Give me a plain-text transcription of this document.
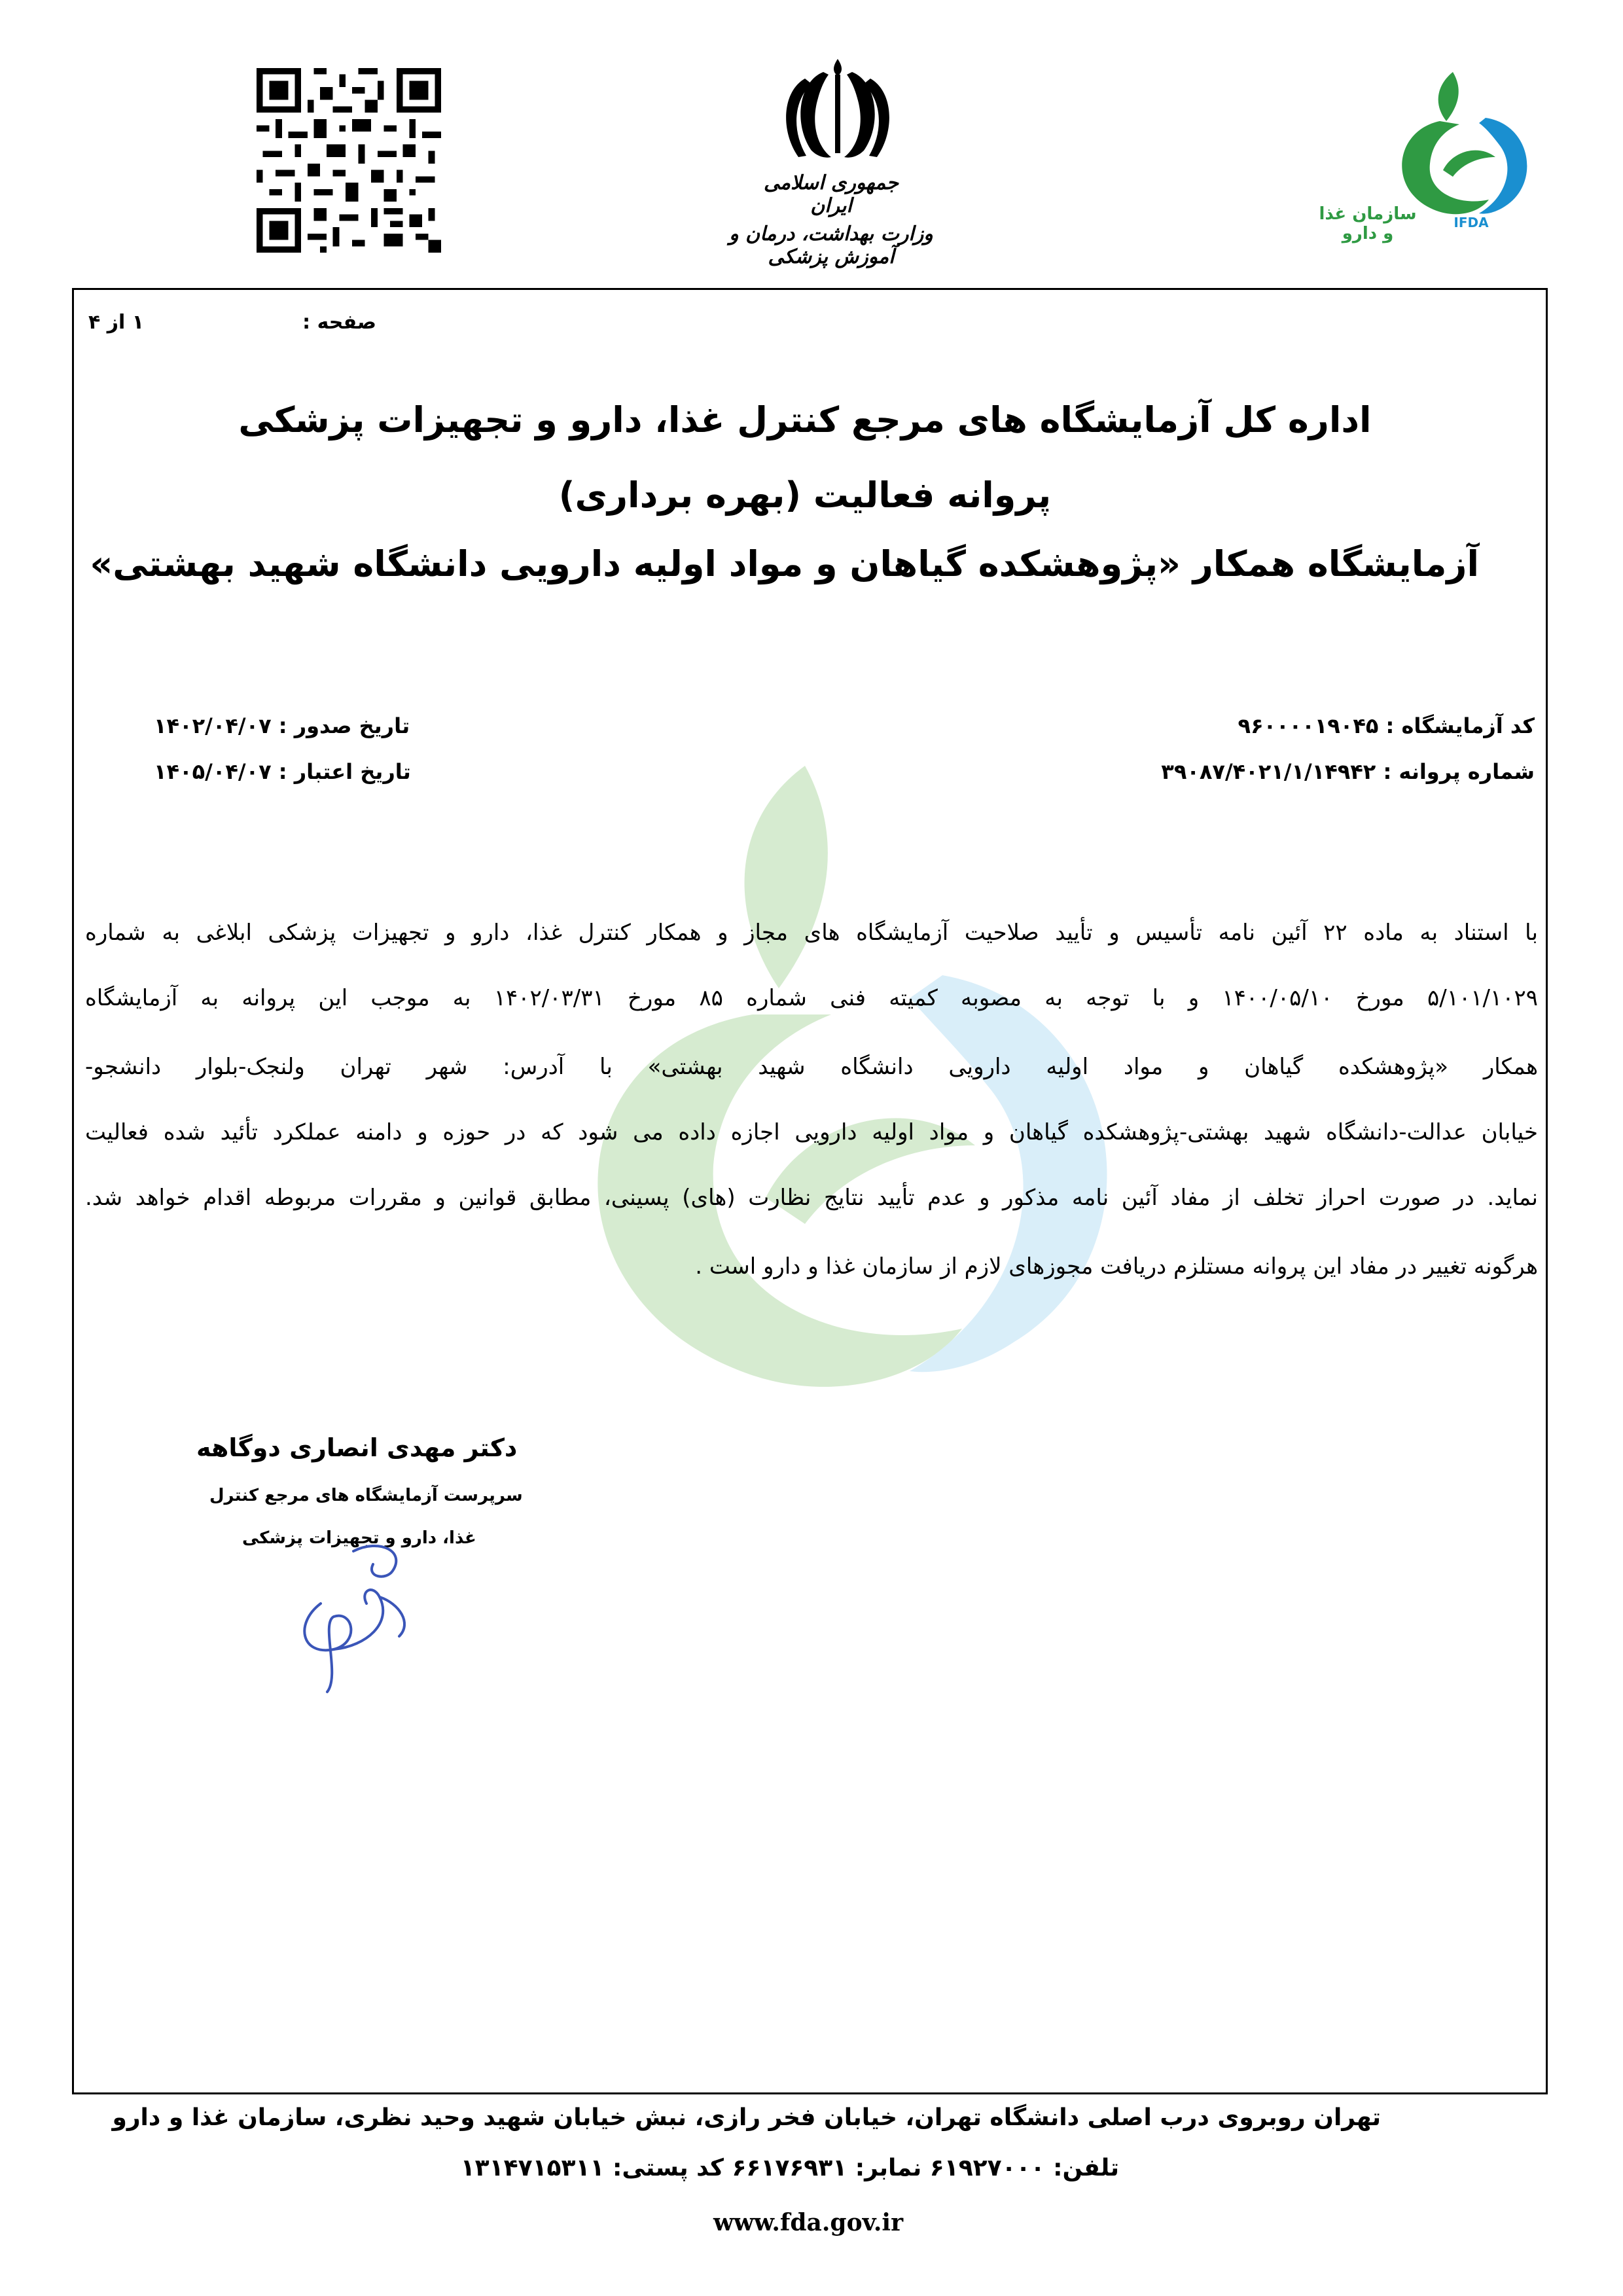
جمهوری اسلامی ایران
وزارت بهداشت، درمان و آموزش پزشکی
سازمان غذا و دارو
IFDA
صفحه :
۱ از ۴
اداره کل آزمایشگاه های مرجع کنترل غذا، دارو و تجهیزات پزشکی
پروانه فعالیت (بهره برداری)
آزمایشگاه همکار «پژوهشکده گیاهان و مواد اولیه دارویی دانشگاه شهید بهشتی»
کد آزمایشگاه : ۹۶۰۰۰۰۱۹۰۴۵
شماره پروانه : ۳۹۰۸۷/۴۰۲۱/۱/۱۴۹۴۲
تاریخ صدور : ۱۴۰۲/۰۴/۰۷
تاریخ اعتبار : ۱۴۰۵/۰۴/۰۷
با استناد به ماده ۲۲ آئین نامه تأسیس و تأیید صلاحیت آزمایشگاه های مجاز و همکار کنترل غذا، دارو و تجهیزات پزشکی ابلاغی به شماره
۵/۱۰۱/۱۰۲۹ مورخ ۱۴۰۰/۰۵/۱۰ و با توجه به مصوبه کمیته فنی شماره ۸۵ مورخ ۱۴۰۲/۰۳/۳۱ به موجب این پروانه به آزمایشگاه
همکار «پژوهشکده گیاهان و مواد اولیه دارویی دانشگاه شهید بهشتی» با آدرس: شهر تهران ولنجک-بلوار دانشجو-
خیابان عدالت-دانشگاه شهید بهشتی-پژوهشکده گیاهان و مواد اولیه دارویی اجازه داده می شود که در حوزه و دامنه عملکرد تأئید شده فعالیت
نماید. در صورت احراز تخلف از مفاد آئین نامه مذکور و عدم تأیید نتایج نظارت (های) پسینی، مطابق قوانین و مقررات مربوطه اقدام خواهد شد.
هرگونه تغییر در مفاد این پروانه مستلزم دریافت مجوزهای لازم از سازمان غذا و دارو است .
دکتر مهدی انصاری دوگاهه
سرپرست آزمایشگاه های مرجع کنترل
غذا، دارو و تجهیزات پزشکی
تهران روبروی درب اصلی دانشگاه تهران، خیابان فخر رازی، نبش خیابان شهید وحید نظری، سازمان غذا و دارو
تلفن: ۶۱۹۲۷۰۰۰ نمابر: ۶۶۱۷۶۹۳۱ کد پستی: ۱۳۱۴۷۱۵۳۱۱
www.fda.gov.ir
